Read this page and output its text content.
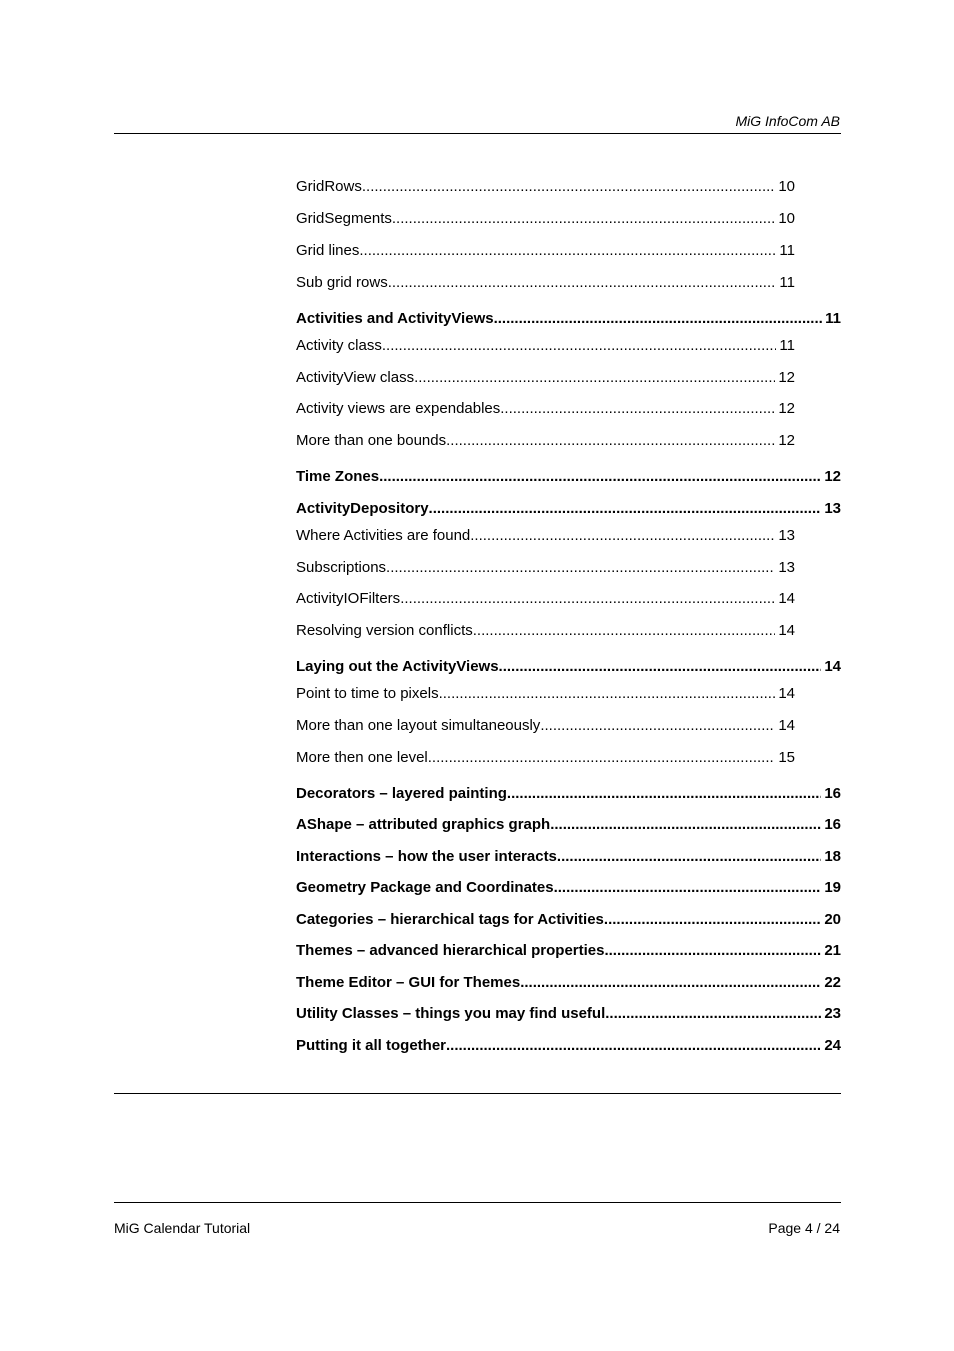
MiG InfoCom AB
GridRows .....	10
GridSegments .....	10
Grid lines .....	11
Sub grid rows .....	11
Activities and ActivityViews .....	11
Activity class .....	11
ActivityView class .....	12
Activity views are expendables .....	12
More than one bounds .....	12
Time Zones .....	12
ActivityDepository .....	13
Where Activities are found .....	13
Subscriptions .....	13
ActivityIOFilters .....	14
Resolving version conflicts .....	14
Laying out the ActivityViews .....	14
Point to time to pixels .....	14
More than one layout simultaneously .....	14
More then one level .....	15
Decorators – layered painting .....	16
AShape – attributed graphics graph .....	16
Interactions – how the user interacts .....	18
Geometry Package and Coordinates .....	19
Categories – hierarchical tags for Activities .....	20
Themes – advanced hierarchical properties .....	21
Theme Editor – GUI for Themes .....	22
Utility Classes – things you may find useful .....	23
Putting it all together .....	24
MiG Calendar Tutorial	Page 4 / 24
